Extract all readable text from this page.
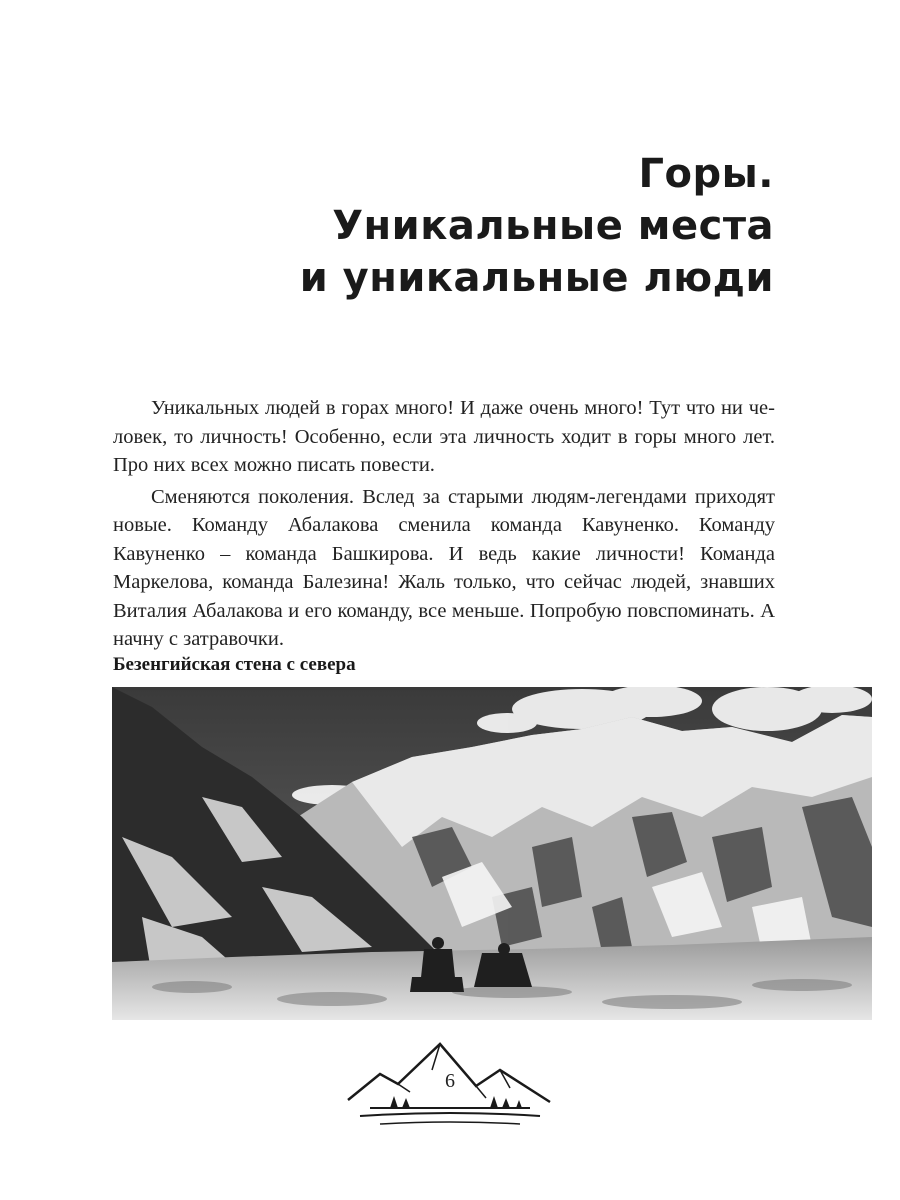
Горы.
Уникальные места
и уникальные люди

Уникальных людей в горах много! И даже очень много! Тут что ни человек, то личность! Особенно, если эта личность ходит в горы много лет. Про них всех можно писать повести.

Сменяются поколения. Вслед за старыми людям-легендами приходят новые. Команду Абалакова сменила команда Кавуненко. Команду Кавуненко – команда Башкирова. И ведь какие личности! Команда Маркелова, команда Балезина! Жаль только, что сейчас людей, знавших Виталия Абалакова и его команду, все меньше. Попробую повспоминать. А начну с затравочки.

Безенгийская стена с севера
6
